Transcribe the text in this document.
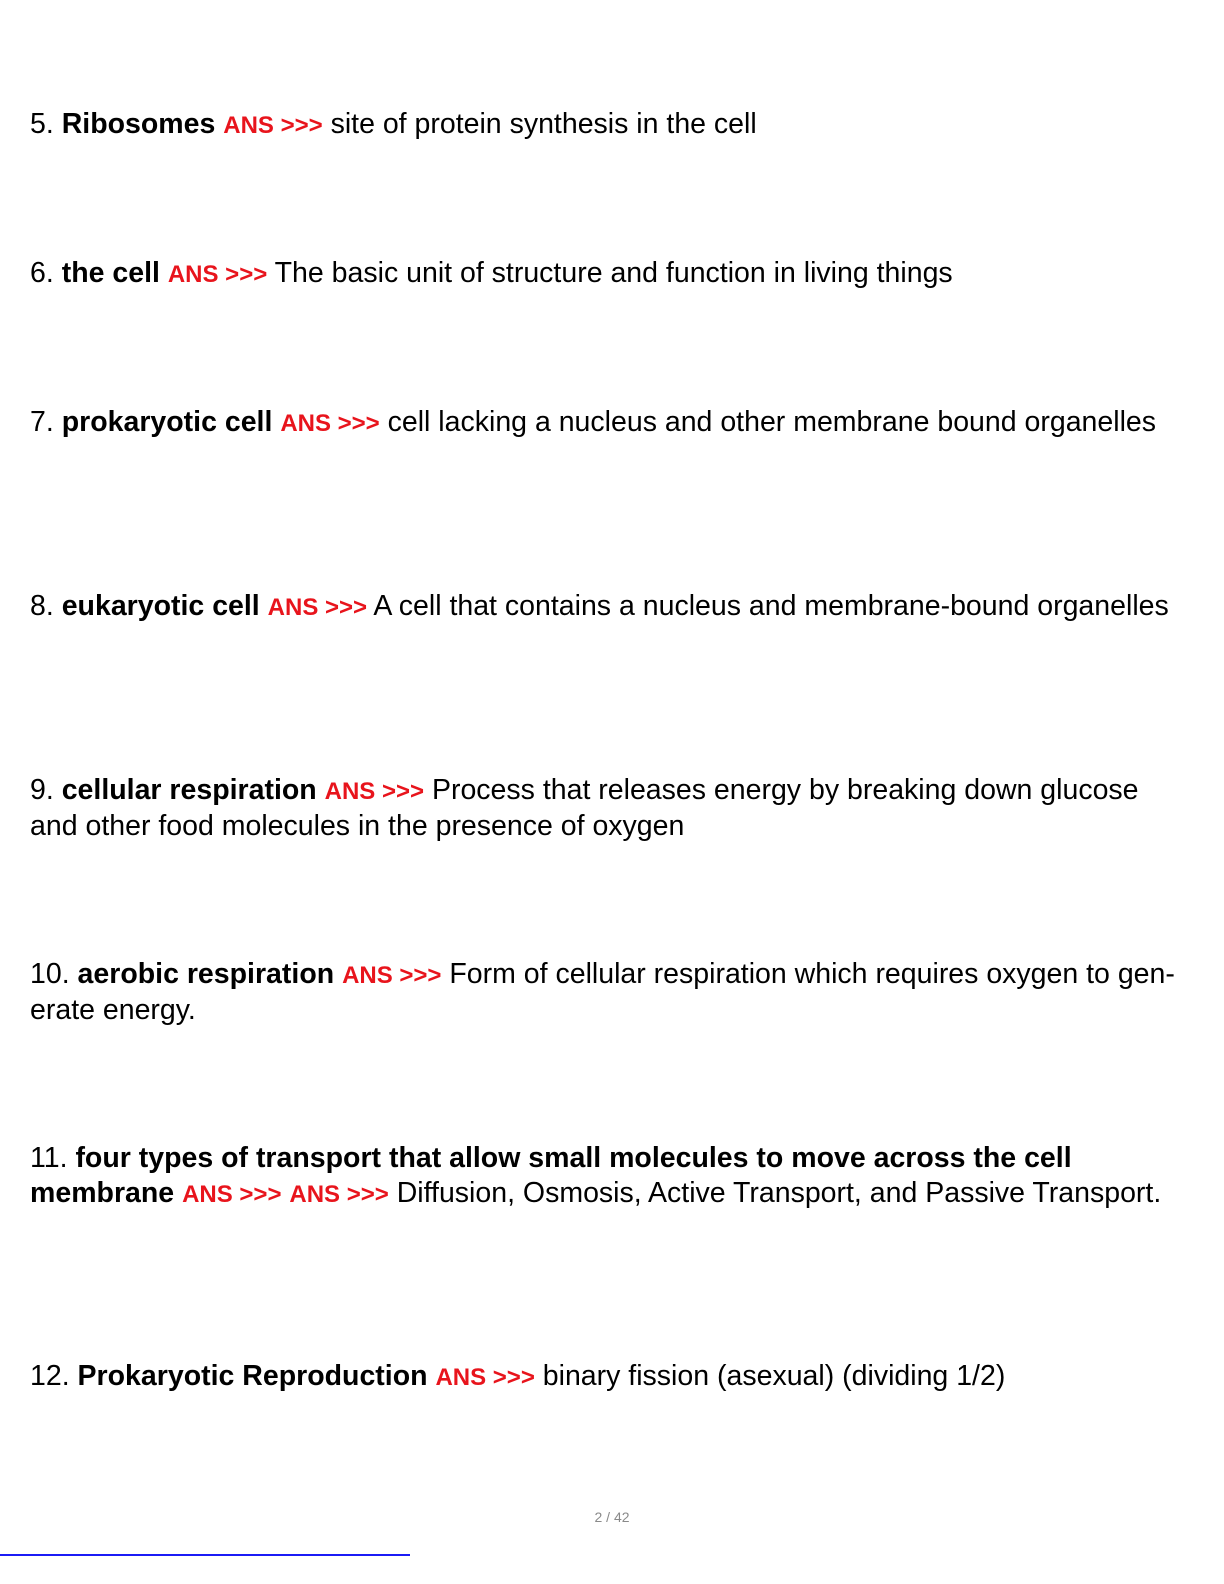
5. Ribosomes ANS >>> site of protein synthesis in the cell

6. the cell ANS >>> The basic unit of structure and function in living things

7. prokaryotic cell ANS >>> cell lacking a nucleus and other membrane bound organelles

8. eukaryotic cell ANS >>> A cell that contains a nucleus and membrane-bound organelles

9. cellular respiration ANS >>> Process that releases energy by breaking down glucose and other food molecules in the presence of oxygen

10. aerobic respiration ANS >>> Form of cellular respiration which requires oxygen to gen- erate energy.

11. four types of transport that allow small molecules to move across the cell membrane ANS >>> ANS >>> Diffusion, Osmosis, Active Transport, and Passive Transport.

12. Prokaryotic Reproduction ANS >>> binary fission (asexual) (dividing 1/2)

2 / 42
